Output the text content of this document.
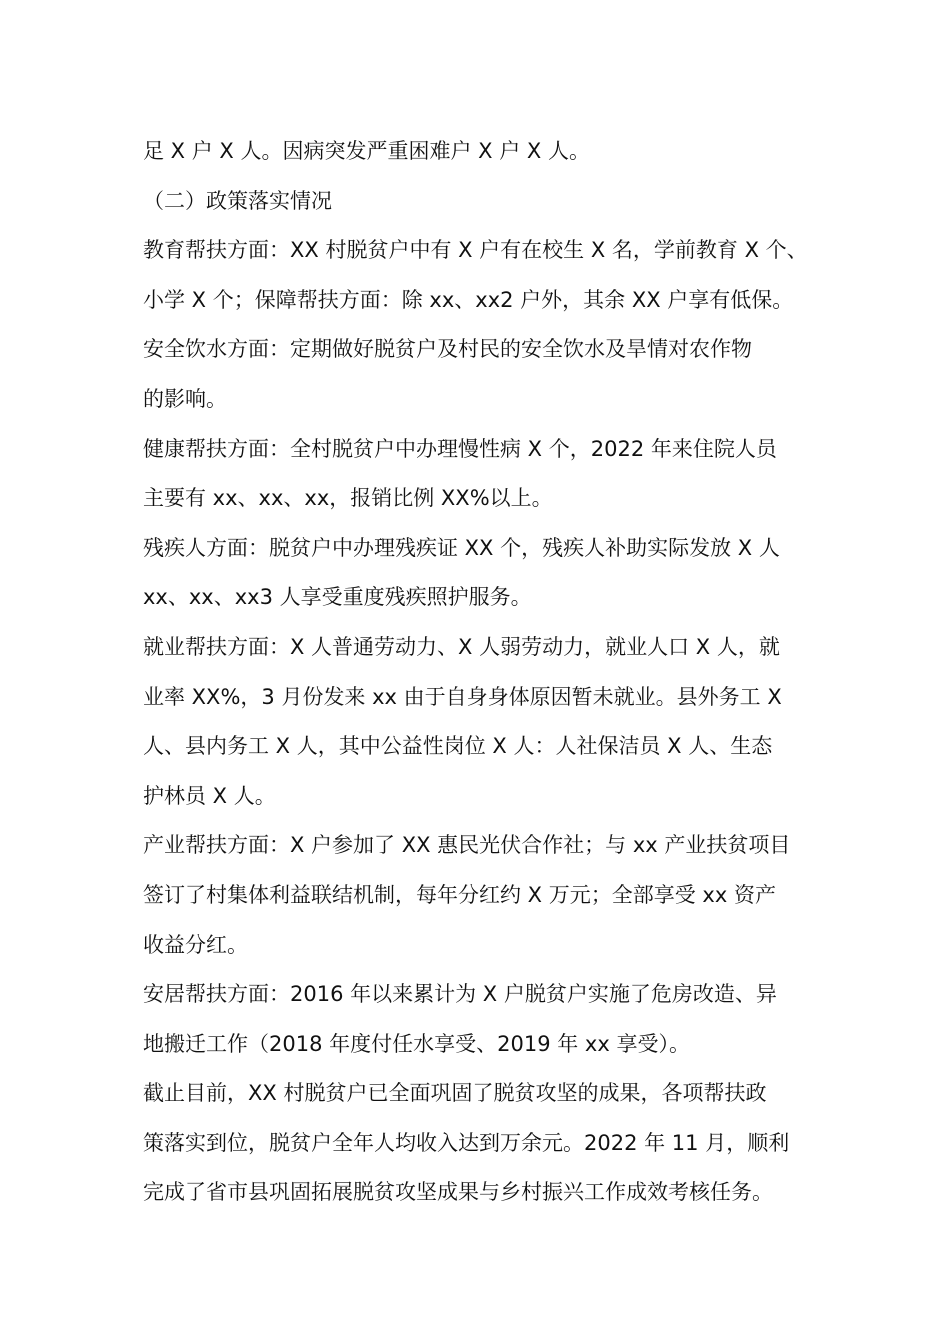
足 X 户 X 人。因病突发严重困难户 X 户 X 人。

（二）政策落实情况

教育帮扶方面：XX 村脱贫户中有 X 户有在校生 X 名，学前教育 X 个、

小学 X 个；保障帮扶方面：除 xx、xx2 户外，其余 XX 户享有低保。

安全饮水方面：定期做好脱贫户及村民的安全饮水及旱情对农作物

的影响。

健康帮扶方面：全村脱贫户中办理慢性病 X 个，2022 年来住院人员

主要有 xx、xx、xx，报销比例 XX%以上。

残疾人方面：脱贫户中办理残疾证 XX 个，残疾人补助实际发放 X 人

xx、xx、xx3 人享受重度残疾照护服务。

就业帮扶方面：X 人普通劳动力、X 人弱劳动力，就业人口 X 人，就

业率 XX%，3 月份发来 xx 由于自身身体原因暂未就业。县外务工 X

人、县内务工 X 人，其中公益性岗位 X 人：人社保洁员 X 人、生态

护林员 X 人。

产业帮扶方面：X 户参加了 XX 惠民光伏合作社；与 xx 产业扶贫项目

签订了村集体利益联结机制，每年分红约 X 万元；全部享受 xx 资产

收益分红。

安居帮扶方面：2016 年以来累计为 X 户脱贫户实施了危房改造、异

地搬迁工作（2018 年度付任水享受、2019 年 xx 享受）。

截止目前，XX 村脱贫户已全面巩固了脱贫攻坚的成果，各项帮扶政

策落实到位，脱贫户全年人均收入达到万余元。2022 年 11 月，顺利

完成了省市县巩固拓展脱贫攻坚成果与乡村振兴工作成效考核任务。
